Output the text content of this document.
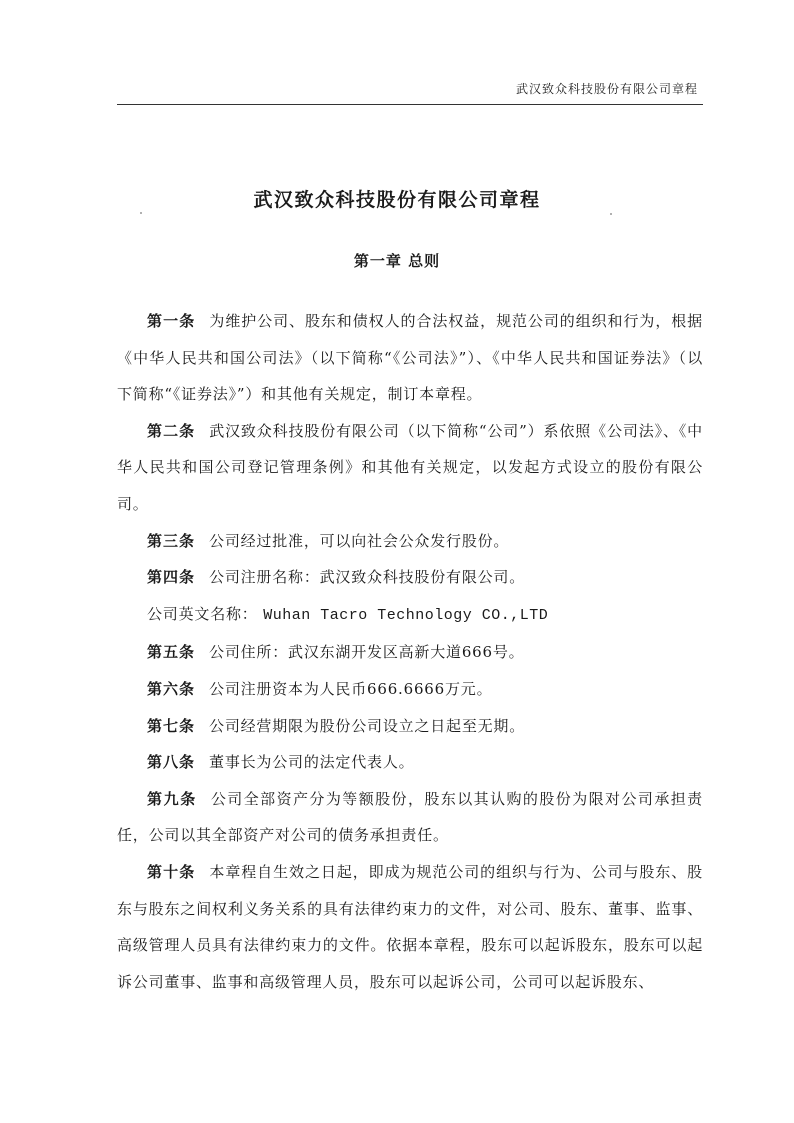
武汉致众科技股份有限公司章程
武汉致众科技股份有限公司章程
第一章 总则

第一条 为维护公司、股东和债权人的合法权益，规范公司的组织和行为，根据《中华人民共和国公司法》（以下简称“《公司法》”）、《中华人民共和国证券法》（以下简称“《证券法》”）和其他有关规定，制订本章程。

第二条 武汉致众科技股份有限公司（以下简称“公司”）系依照《公司法》、《中华人民共和国公司登记管理条例》和其他有关规定，以发起方式设立的股份有限公司。

第三条 公司经过批准，可以向社会公众发行股份。

第四条 公司注册名称：武汉致众科技股份有限公司。

公司英文名称： Wuhan Tacro Technology CO.,LTD

第五条 公司住所：武汉东湖开发区高新大道666号。

第六条 公司注册资本为人民币666.6666万元。

第七条 公司经营期限为股份公司设立之日起至无期。

第八条 董事长为公司的法定代表人。

第九条 公司全部资产分为等额股份，股东以其认购的股份为限对公司承担责任，公司以其全部资产对公司的债务承担责任。

第十条 本章程自生效之日起，即成为规范公司的组织与行为、公司与股东、股东与股东之间权利义务关系的具有法律约束力的文件，对公司、股东、董事、监事、高级管理人员具有法律约束力的文件。依据本章程，股东可以起诉股东，股东可以起诉公司董事、监事和高级管理人员，股东可以起诉公司，公司可以起诉股东、
